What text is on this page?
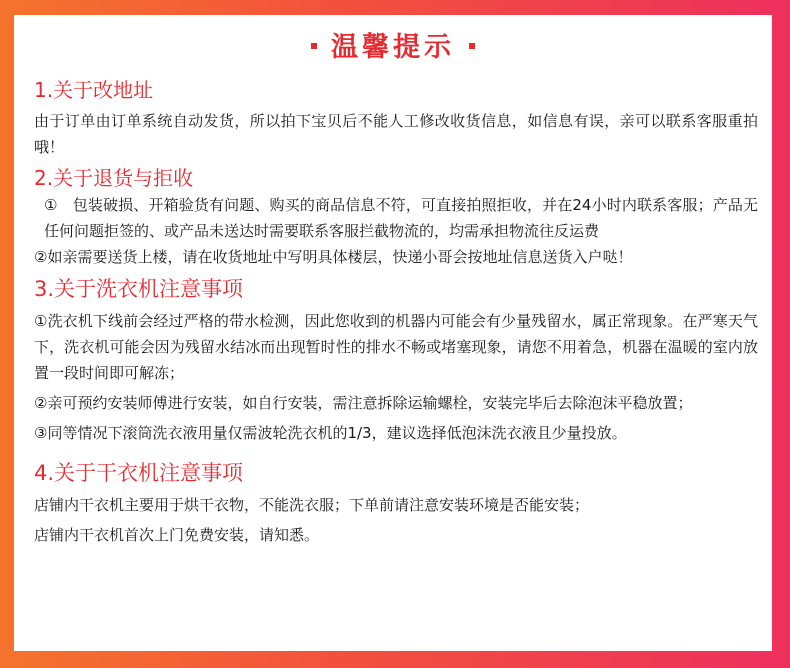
温馨提示

1.关于改地址

由于订单由订单系统自动发货，所以拍下宝贝后不能人工修改收货信息，如信息有误，亲可以联系客服重拍哦！

2.关于退货与拒收

①　包装破损、开箱验货有问题、购买的商品信息不符，可直接拍照拒收，并在24小时内联系客服；产品无任何问题拒签的、或产品未送达时需要联系客服拦截物流的，均需承担物流往反运费

②如亲需要送货上楼，请在收货地址中写明具体楼层，快递小哥会按地址信息送货入户哒！

3.关于洗衣机注意事项

①洗衣机下线前会经过严格的带水检测，因此您收到的机器内可能会有少量残留水，属正常现象。在严寒天气下，洗衣机可能会因为残留水结冰而出现暂时性的排水不畅或堵塞现象，请您不用着急，机器在温暖的室内放置一段时间即可解冻；

②亲可预约安装师傅进行安装，如自行安装，需注意拆除运输螺栓，安装完毕后去除泡沫平稳放置；

③同等情况下滚筒洗衣液用量仅需波轮洗衣机的1/3，建议选择低泡沫洗衣液且少量投放。

4.关于干衣机注意事项

店铺内干衣机主要用于烘干衣物，不能洗衣服；下单前请注意安装环境是否能安装；

店铺内干衣机首次上门免费安装，请知悉。
